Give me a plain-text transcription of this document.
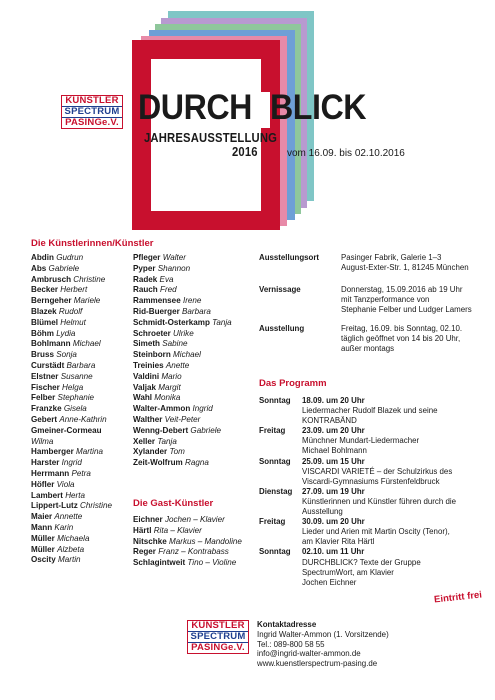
KÜNSTLER
SPECTRUM
PASINGe.V. DURCH BLICK
JAHRESAUSSTELLUNG
2016	vom 16.09. bis 02.10.2016
Die Künstlerinnen/Künstler
Abdin Gudrun
Abs Gabriele
Ambrusch Christine
Becker Herbert
Berngeher Mariele
Blazek Rudolf
Blümel Helmut
Böhm Lydia
Bohlmann Michael
Bruss Sonja
Curstädt Barbara
Elstner Susanne
Fischer Helga
Felber Stephanie
Franzke Gisela
Gebert Anne-Kathrin
Gmeiner-Cormeau
Wilma
Hamberger Martina
Harster Ingrid
Herrmann Petra
Höfler Viola
Lambert Herta
Lippert-Lutz Christine
Maier Annette
Mann Karin
Müller Michaela
Müller Alzbeta
Oscity Martin
Pfleger Walter
Pyper Shannon
Radek Eva
Rauch Fred
Rammensee Irene
Rid-Buerger Barbara
Schmidt-Osterkamp Tanja
Schroeter Ulrike
Simeth Sabine
Steinborn Michael
Treinies Anette
Valdini Mario
Valjak Margit
Wahl Monika
Walter-Ammon Ingrid
Walther Veit-Peter
Wenng-Debert Gabriele
Xeller Tanja
Xylander Tom
Zeit-Wolfrum Ragna
Die Gast-Künstler
Eichner Jochen – Klavier
Härtl Rita – Klavier
Nitschke Markus – Mandoline
Reger Franz – Kontrabass
Schlagintweit Tino – Violine
Ausstellungsort	Pasinger Fabrik, Galerie 1–3
August-Exter-Str. 1, 81245 München
Vernissage	Donnerstag, 15.09.2016 ab 19 Uhr
mit Tanzperformance von
Stephanie Felber und Ludger Lamers
Ausstellung	Freitag, 16.09. bis Sonntag, 02.10.
täglich geöffnet von 14 bis 20 Uhr,
außer montags
Das Programm
Sonntag 18.09. um 20 Uhr
Liedermacher Rudolf Blazek und seine
KONTRABÄND
Freitag 23.09. um 20 Uhr
Münchner Mundart-Liedermacher
Michael Bohlmann
Sonntag 25.09. um 15 Uhr
VISCARDI VARIETÉ – der Schulzirkus des
Viscardi-Gymnasiums Fürstenfeldbruck
Dienstag 27.09. um 19 Uhr
Künstlerinnen und Künstler führen durch die
Ausstellung
Freitag 30.09. um 20 Uhr
Lieder und Arien mit Martin Oscity (Tenor),
am Klavier Rita Härtl
Sonntag 02.10. um 11 Uhr
DURCHBLICK? Texte der Gruppe
SpectrumWort, am Klavier
Jochen Eichner
Eintritt frei
KÜNSTLER
SPECTRUM
PASINGe.V.
Kontaktadresse
Ingrid Walter-Ammon (1. Vorsitzende)
Tel.: 089-800 58 55
info@ingrid-walter-ammon.de
www.kuenstlerspectrum-pasing.de
